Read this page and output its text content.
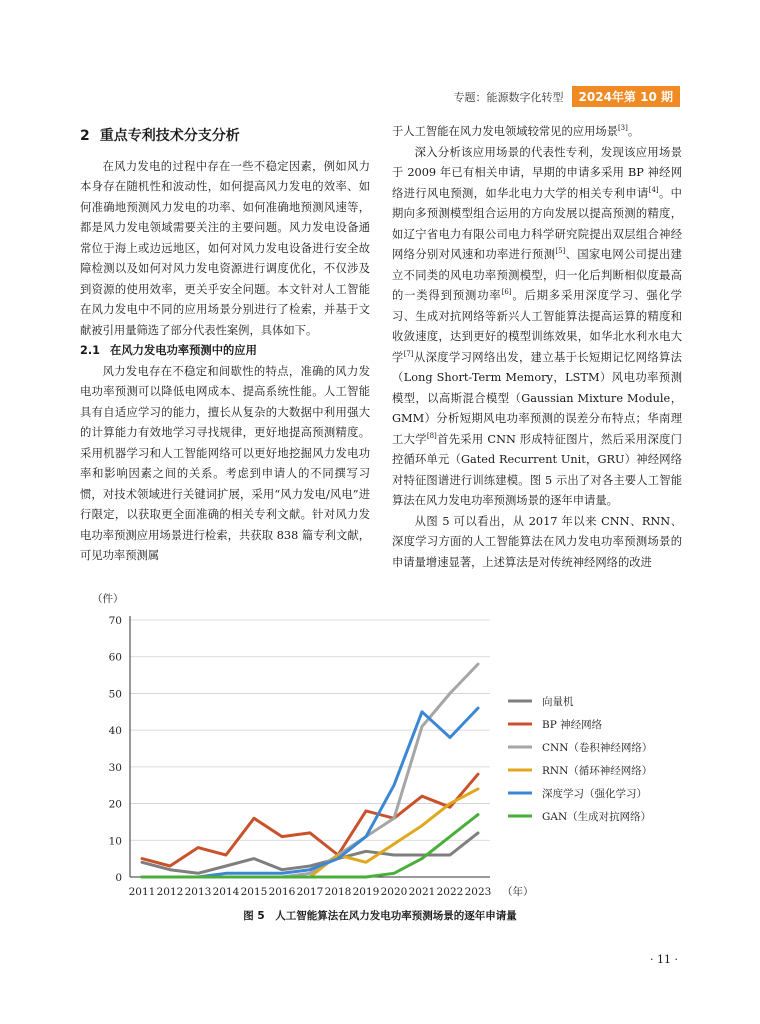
专题：能源数字化转型	2024年第 10 期
2 重点专利技术分支分析

在风力发电的过程中存在一些不稳定因素，例如风力本身存在随机性和波动性，如何提高风力发电的效率、如何准确地预测风力发电的功率、如何准确地预测风速等，都是风力发电领域需要关注的主要问题。风力发电设备通常位于海上或边远地区，如何对风力发电设备进行安全故障检测以及如何对风力发电资源进行调度优化，不仅涉及到资源的使用效率，更关乎安全问题。本文针对人工智能在风力发电中不同的应用场景分别进行了检索，并基于文献被引用量筛选了部分代表性案例，具体如下。

2.1 在风力发电功率预测中的应用

风力发电存在不稳定和间歇性的特点，准确的风力发电功率预测可以降低电网成本、提高系统性能。人工智能具有自适应学习的能力，擅长从复杂的大数据中利用强大的计算能力有效地学习寻找规律，更好地提高预测精度。采用机器学习和人工智能网络可以更好地挖掘风力发电功率和影响因素之间的关系。考虑到申请人的不同撰写习惯，对技术领域进行关键词扩展，采用“风力发电/风电”进行限定，以获取更全面准确的相关专利文献。针对风力发电功率预测应用场景进行检索，共获取 838 篇专利文献，可见功率预测属

于人工智能在风力发电领域较常见的应用场景[3]。

深入分析该应用场景的代表性专利，发现该应用场景于 2009 年已有相关申请，早期的申请多采用 BP 神经网络进行风电预测，如华北电力大学的相关专利申请[4]。中期向多预测模型组合运用的方向发展以提高预测的精度，如辽宁省电力有限公司电力科学研究院提出双层组合神经网络分别对风速和功率进行预测[5]、国家电网公司提出建立不同类的风电功率预测模型，归一化后判断相似度最高的一类得到预测功率[6]。后期多采用深度学习、强化学习、生成对抗网络等新兴人工智能算法提高运算的精度和收敛速度，达到更好的模型训练效果，如华北水利水电大学[7]从深度学习网络出发，建立基于长短期记忆网络算法（Long Short-Term Memory，LSTM）风电功率预测模型，以高斯混合模型（Gaussian Mixture Module，GMM）分析短期风电功率预测的误差分布特点；华南理工大学[8]首先采用 CNN 形成特征图片，然后采用深度门控循环单元（Gated Recurrent Unit，GRU）神经网络对特征图谱进行训练建模。图 5 示出了对各主要人工智能算法在风力发电功率预测场景的逐年申请量。

从图 5 可以看出，从 2017 年以来 CNN、RNN、深度学习方面的人工智能算法在风力发电功率预测场景的申请量增速显著，上述算法是对传统神经网络的改进

（件）
0
10
20
30
40
50
60
70
2011 2012 2013 2014 2015 2016 2017 2018 2019 2020 2021 2022 2023 （年）
向量机
BP 神经网络
CNN（卷积神经网络）
RNN（循环神经网络）
深度学习（强化学习）
GAN（生成对抗网络）
图 5　人工智能算法在风力发电功率预测场景的逐年申请量
· 11 ·
